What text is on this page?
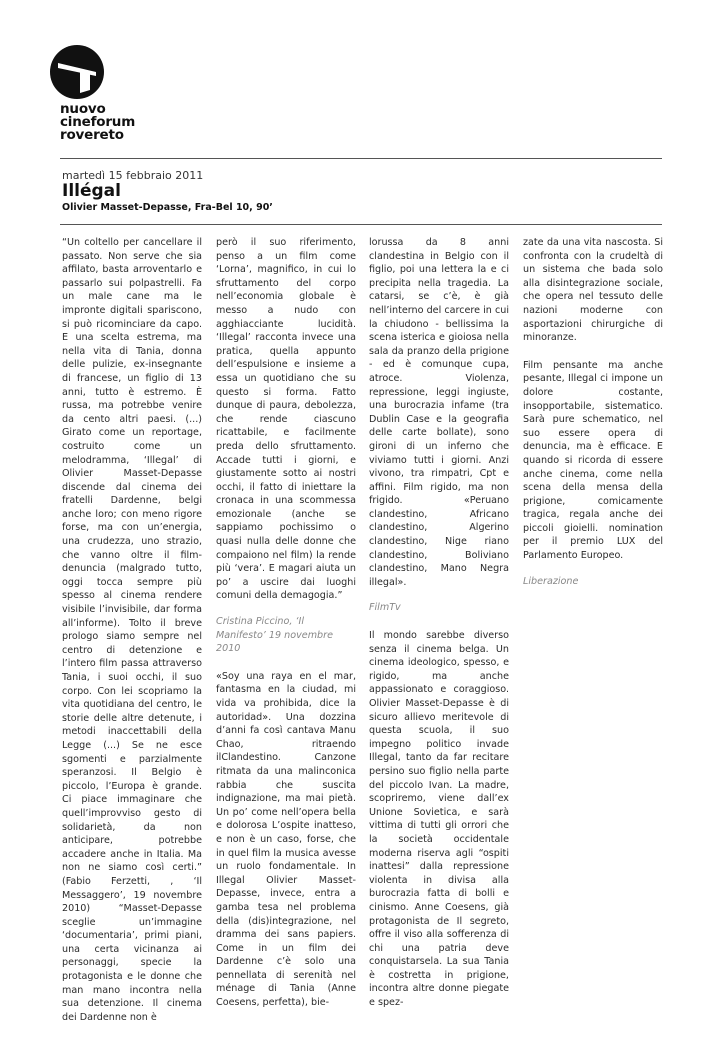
nuovo
cineforum
rovereto
martedì 15 febbraio 2011
Illégal
Olivier Masset-Depasse, Fra-Bel 10, 90’

“Un coltello per cancellare il passato. Non serve che sia affilato, basta arroventarlo e passarlo sui polpastrelli. Fa un male cane ma le impronte digitali spariscono, si può ricominciare da capo. E una scelta estrema, ma nella vita di Tania, donna delle pulizie, ex-insegnante di francese, un figlio di 13 anni, tutto è estremo. È russa, ma potrebbe venire da cento altri paesi. (...) Girato come un reportage, costruito come un melodramma, ‘Illegal’ di Olivier Masset-Depasse discende dal cinema dei fratelli Dardenne, belgi anche loro; con meno rigore forse, ma con un’energia, una crudezza, uno strazio, che vanno oltre il film-denuncia (malgrado tutto, oggi tocca sempre più spesso al cinema rendere visibile l’invisibile, dar forma all’informe). Tolto il breve prologo siamo sempre nel centro di detenzione e l’intero film passa attraverso Tania, i suoi occhi, il suo corpo. Con lei scopriamo la vita quotidiana del centro, le storie delle altre detenute, i metodi inaccettabili della Legge (...) Se ne esce sgomenti e parzialmente speranzosi. Il Belgio è piccolo, l’Europa è grande. Ci piace immaginare che quell’improvviso gesto di solidarietà, da non anticipare, potrebbe accadere anche in Italia. Ma non ne siamo così certi.” (Fabio Ferzetti, , ‘Il Messaggero’, 19 novembre 2010) “Masset-Depasse sceglie un’immagine ‘documentaria’, primi piani, una certa vicinanza ai personaggi, specie la protagonista e le donne che man mano incontra nella sua detenzione. Il cinema dei Dardenne non è

però il suo riferimento, penso a un film come ‘Lorna’, magnifico, in cui lo sfruttamento del corpo nell’economia globale è messo a nudo con agghiacciante lucidità. ‘Illegal’ racconta invece una pratica, quella appunto dell’espulsione e insieme a essa un quotidiano che su questo si forma. Fatto dunque di paura, debolezza, che rende ciascuno ricattabile, e facilmente preda dello sfruttamento. Accade tutti i giorni, e giustamente sotto ai nostri occhi, il fatto di iniettare la cronaca in una scommessa emozionale (anche se sappiamo pochissimo o quasi nulla delle donne che compaiono nel film) la rende più ‘vera’. E magari aiuta un po’ a uscire dai luoghi comuni della demagogia.”

Cristina Piccino, ‘Il Manifesto’ 19 novembre 2010

«Soy una raya en el mar, fantasma en la ciudad, mi vida va prohibida, dice la autoridad». Una dozzina d’anni fa così cantava Manu Chao, ritraendo ilClandestino. Canzone ritmata da una malinconica rabbia che suscita indignazione, ma mai pietà. Un po’ come nell’opera bella e dolorosa L’ospite inatteso, e non è un caso, forse, che in quel film la musica avesse un ruolo fondamentale. In Illegal Olivier Masset-Depasse, invece, entra a gamba tesa nel problema della (dis)integrazione, nel dramma dei sans papiers. Come in un film dei Dardenne c’è solo una pennellata di serenità nel ménage di Tania (Anne Coesens, perfetta), bie-

lorussa da 8 anni clandestina in Belgio con il figlio, poi una lettera la e ci precipita nella tragedia. La catarsi, se c’è, è già nell’interno del carcere in cui la chiudono - bellissima la scena isterica e gioiosa nella sala da pranzo della prigione - ed è comunque cupa, atroce. Violenza, repressione, leggi ingiuste, una burocrazia infame (tra Dublin Case e la geografia delle carte bollate), sono gironi di un inferno che viviamo tutti i giorni. Anzi vivono, tra rimpatri, Cpt e affini. Film rigido, ma non frigido. «Peruano clandestino, Africano clandestino, Algerino clandestino, Nige riano clandestino, Boliviano clandestino, Mano Negra illegal».

FilmTv

Il mondo sarebbe diverso senza il cinema belga. Un cinema ideologico, spesso, e rigido, ma anche appassionato e coraggioso. Olivier Masset-Depasse è di sicuro allievo meritevole di questa scuola, il suo impegno politico invade Illegal, tanto da far recitare persino suo figlio nella parte del piccolo Ivan. La madre, scopriremo, viene dall’ex Unione Sovietica, e sarà vittima di tutti gli orrori che la società occidentale moderna riserva agli “ospiti inattesi” dalla repressione violenta in divisa alla burocrazia fatta di bolli e cinismo. Anne Coesens, già protagonista de Il segreto, offre il viso alla sofferenza di chi una patria deve conquistarsela. La sua Tania è costretta in prigione, incontra altre donne piegate e spez-

zate da una vita nascosta. Si confronta con la crudeltà di un sistema che bada solo alla disintegrazione sociale, che opera nel tessuto delle nazioni moderne con asportazioni chirurgiche di minoranze.

Film pensante ma anche pesante, Illegal ci impone un dolore costante, insopportabile, sistematico. Sarà pure schematico, nel suo essere opera di denuncia, ma è efficace. E quando si ricorda di essere anche cinema, come nella scena della mensa della prigione, comicamente tragica, regala anche dei piccoli gioielli. nomination per il premio LUX del Parlamento Europeo.

Liberazione
